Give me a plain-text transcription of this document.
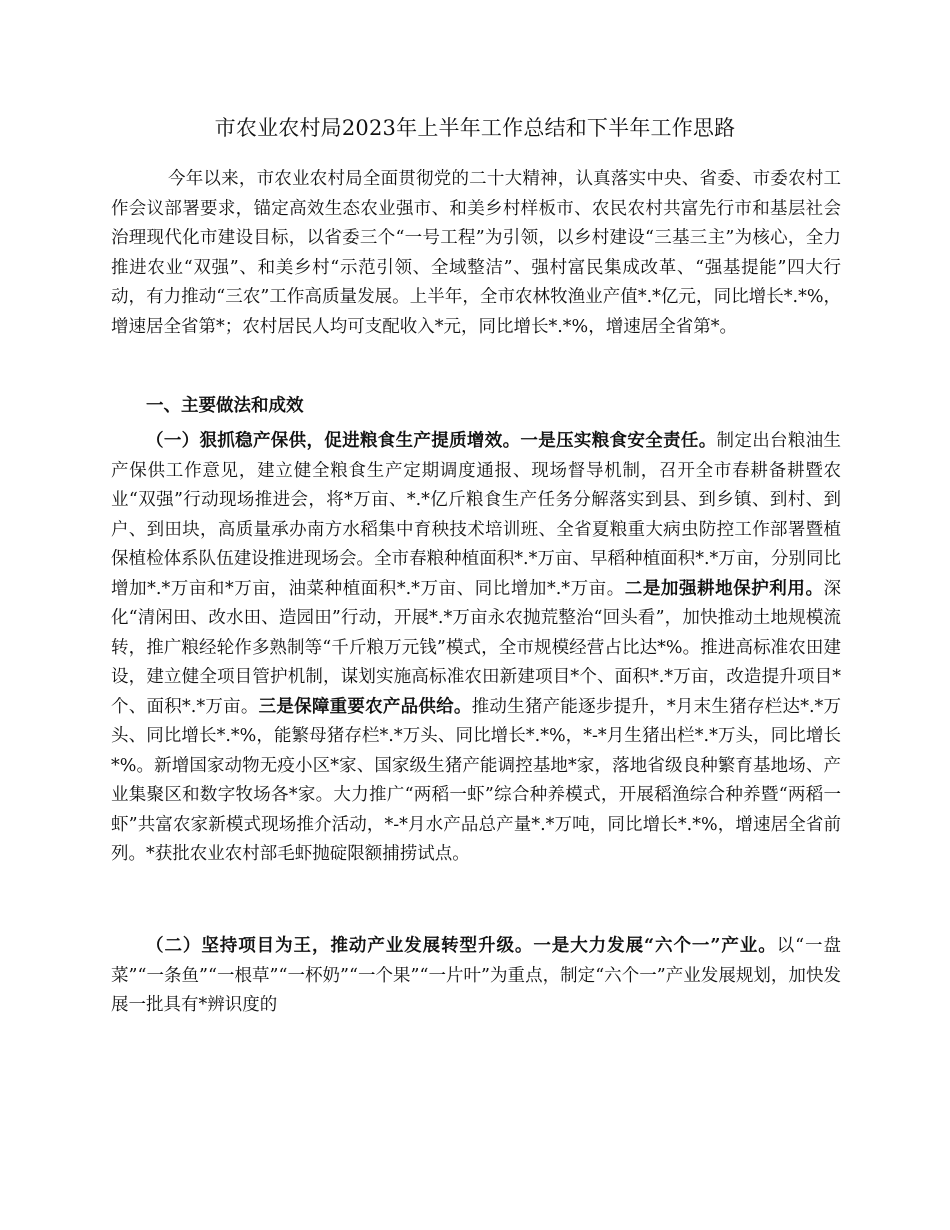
市农业农村局2023年上半年工作总结和下半年工作思路

今年以来，市农业农村局全面贯彻党的二十大精神，认真落实中央、省委、市委农村工作会议部署要求，锚定高效生态农业强市、和美乡村样板市、农民农村共富先行市和基层社会治理现代化市建设目标，以省委三个“一号工程”为引领，以乡村建设“三基三主”为核心，全力推进农业“双强”、和美乡村“示范引领、全域整洁”、强村富民集成改革、“强基提能”四大行动，有力推动“三农”工作高质量发展。上半年，全市农林牧渔业产值*.*亿元，同比增长*.*%，增速居全省第*；农村居民人均可支配收入*元，同比增长*.*%，增速居全省第*。

一、主要做法和成效

（一）狠抓稳产保供，促进粮食生产提质增效。一是压实粮食安全责任。制定出台粮油生产保供工作意见，建立健全粮食生产定期调度通报、现场督导机制，召开全市春耕备耕暨农业“双强”行动现场推进会，将*万亩、*.*亿斤粮食生产任务分解落实到县、到乡镇、到村、到户、到田块，高质量承办南方水稻集中育秧技术培训班、全省夏粮重大病虫防控工作部署暨植保植检体系队伍建设推进现场会。全市春粮种植面积*.*万亩、早稻种植面积*.*万亩，分别同比增加*.*万亩和*万亩，油菜种植面积*.*万亩、同比增加*.*万亩。二是加强耕地保护利用。深化“清闲田、改水田、造园田”行动，开展*.*万亩永农抛荒整治“回头看”，加快推动土地规模流转，推广粮经轮作多熟制等“千斤粮万元钱”模式，全市规模经营占比达*%。推进高标准农田建设，建立健全项目管护机制，谋划实施高标准农田新建项目*个、面积*.*万亩，改造提升项目*个、面积*.*万亩。三是保障重要农产品供给。推动生猪产能逐步提升，*月末生猪存栏达*.*万头、同比增长*.*%，能繁母猪存栏*.*万头、同比增长*.*%，*-*月生猪出栏*.*万头，同比增长*%。新增国家动物无疫小区*家、国家级生猪产能调控基地*家，落地省级良种繁育基地场、产业集聚区和数字牧场各*家。大力推广“两稻一虾”综合种养模式，开展稻渔综合种养暨“两稻一虾”共富农家新模式现场推介活动，*-*月水产品总产量*.*万吨，同比增长*.*%，增速居全省前列。*获批农业农村部毛虾抛碇限额捕捞试点。

（二）坚持项目为王，推动产业发展转型升级。一是大力发展“六个一”产业。以“一盘菜”“一条鱼”“一根草”“一杯奶”“一个果”“一片叶”为重点，制定“六个一”产业发展规划，加快发展一批具有*辨识度的
